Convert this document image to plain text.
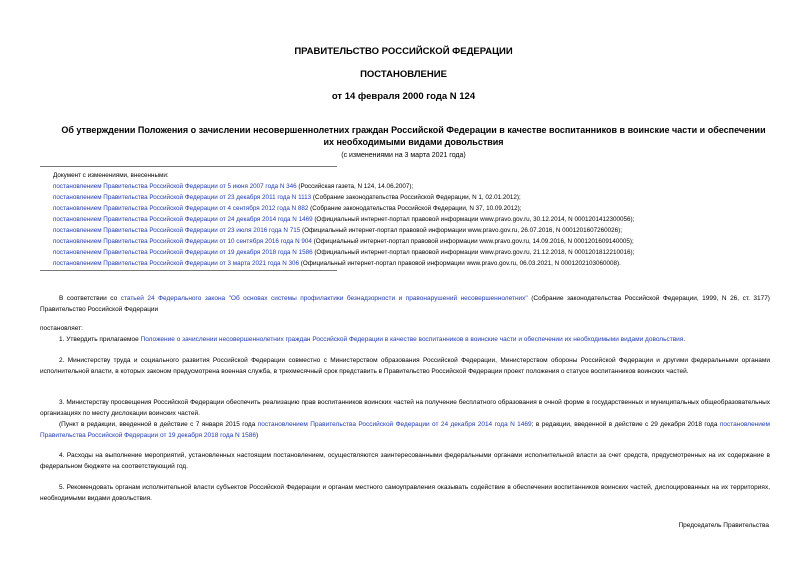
ПРАВИТЕЛЬСТВО РОССИЙСКОЙ ФЕДЕРАЦИИ
ПОСТАНОВЛЕНИЕ
от 14 февраля 2000 года N 124
Об утверждении Положения о зачислении несовершеннолетних граждан Российской Федерации в качестве воспитанников в воинские части и обеспечении их необходимыми видами довольствия
(с изменениями на 3 марта 2021 года)
Документ с изменениями, внесенными:
постановлением Правительства Российской Федерации от 5 июня 2007 года N 346 (Российская газета, N 124, 14.06.2007);
постановлением Правительства Российской Федерации от 23 декабря 2011 года N 1113 (Собрание законодательства Российской Федерации, N 1, 02.01.2012);
постановлением Правительства Российской Федерации от 4 сентября 2012 года N 882 (Собрание законодательства Российской Федерации, N 37, 10.09.2012);
постановлением Правительства Российской Федерации от 24 декабря 2014 года N 1469 (Официальный интернет-портал правовой информации www.pravo.gov.ru, 30.12.2014, N 0001201412300056);
постановлением Правительства Российской Федерации от 23 июля 2016 года N 715 (Официальный интернет-портал правовой информации www.pravo.gov.ru, 26.07.2016, N 0001201607260026);
постановлением Правительства Российской Федерации от 10 сентября 2016 года N 904 (Официальный интернет-портал правовой информации www.pravo.gov.ru, 14.09.2016, N 0001201609140005);
постановлением Правительства Российской Федерации от 19 декабря 2018 года N 1586 (Официальный интернет-портал правовой информации www.pravo.gov.ru, 21.12.2018, N 0001201812210016);
постановлением Правительства Российской Федерации от 3 марта 2021 года N 306 (Официальный интернет-портал правовой информации www.pravo.gov.ru, 06.03.2021, N 0001202103060008).
В соответствии со статьей 24 Федерального закона "Об основах системы профилактики безнадзорности и правонарушений несовершеннолетних" (Собрание законодательства Российской Федерации, 1999, N 26, ст. 3177) Правительство Российской Федерации
постановляет:
1. Утвердить прилагаемое Положение о зачислении несовершеннолетних граждан Российской Федерации в качестве воспитанников в воинские части и обеспечении их необходимыми видами довольствия.
2. Министерству труда и социального развития Российской Федерации совместно с Министерством образования Российской Федерации, Министерством обороны Российской Федерации и другими федеральными органами исполнительной власти, в которых законом предусмотрена военная служба, в трехмесячный срок представить в Правительство Российской Федерации проект положения о статусе воспитанников воинских частей.
3. Министерству просвещения Российской Федерации обеспечить реализацию прав воспитанников воинских частей на получение бесплатного образования в очной форме в государственных и муниципальных общеобразовательных организациях по месту дислокации воинских частей.
(Пункт в редакции, введенной в действие с 7 января 2015 года постановлением Правительства Российской Федерации от 24 декабря 2014 года N 1469; в редакции, введенной в действие с 29 декабря 2018 года постановлением Правительства Российской Федерации от 19 декабря 2018 года N 1586)
4. Расходы на выполнение мероприятий, установленных настоящим постановлением, осуществляются заинтересованными федеральными органами исполнительной власти за счет средств, предусмотренных на их содержание в федеральном бюджете на соответствующий год.
5. Рекомендовать органам исполнительной власти субъектов Российской Федерации и органам местного самоуправления оказывать содействие в обеспечении воспитанников воинских частей, дислоцированных на их территориях, необходимыми видами довольствия.
Председатель Правительства
